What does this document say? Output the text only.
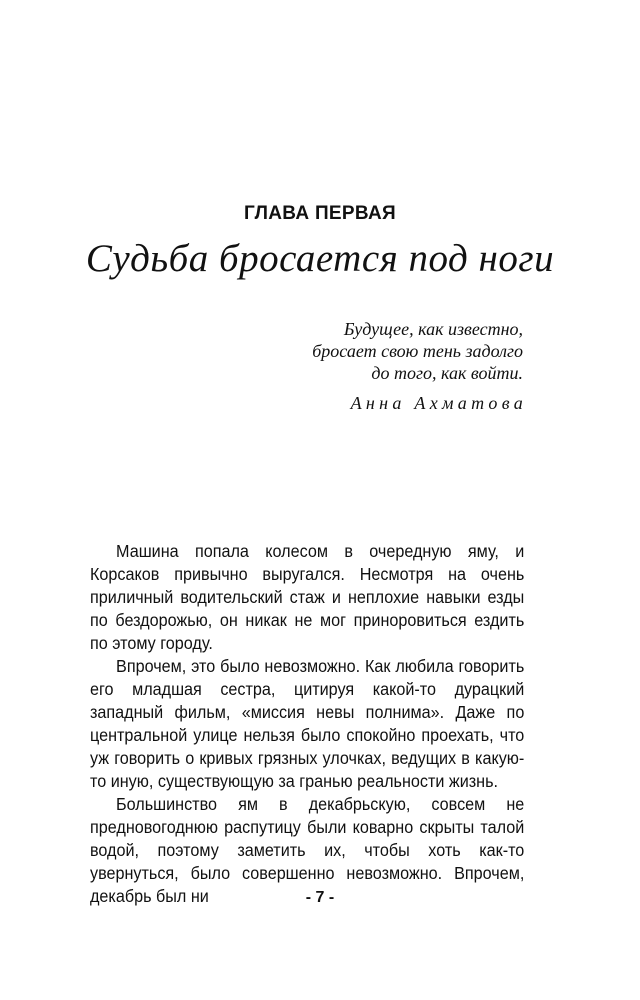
ГЛАВА ПЕРВАЯ
Судьба бросается под ноги
Будущее, как известно,
бросает свою тень задолго
до того, как войти.
Анна Ахматова

Машина попала колесом в очередную яму, и Корсаков привычно выругался. Несмотря на очень приличный водительский стаж и неплохие навыки езды по бездорожью, он никак не мог приноровиться ездить по этому городу.

Впрочем, это было невозможно. Как любила говорить его младшая сестра, цитируя какой-то дурацкий западный фильм, «миссия невы полнима». Даже по центральной улице нельзя было спокойно проехать, что уж говорить о кривых грязных улочках, ведущих в какую-то иную, существующую за гранью реальности жизнь.

Большинство ям в декабрьскую, совсем не предновогоднюю распутицу были коварно скрыты талой водой, поэтому заметить их, чтобы хоть как-то увернуться, было совершенно невозможно. Впрочем, декабрь был ни	- 7 -
